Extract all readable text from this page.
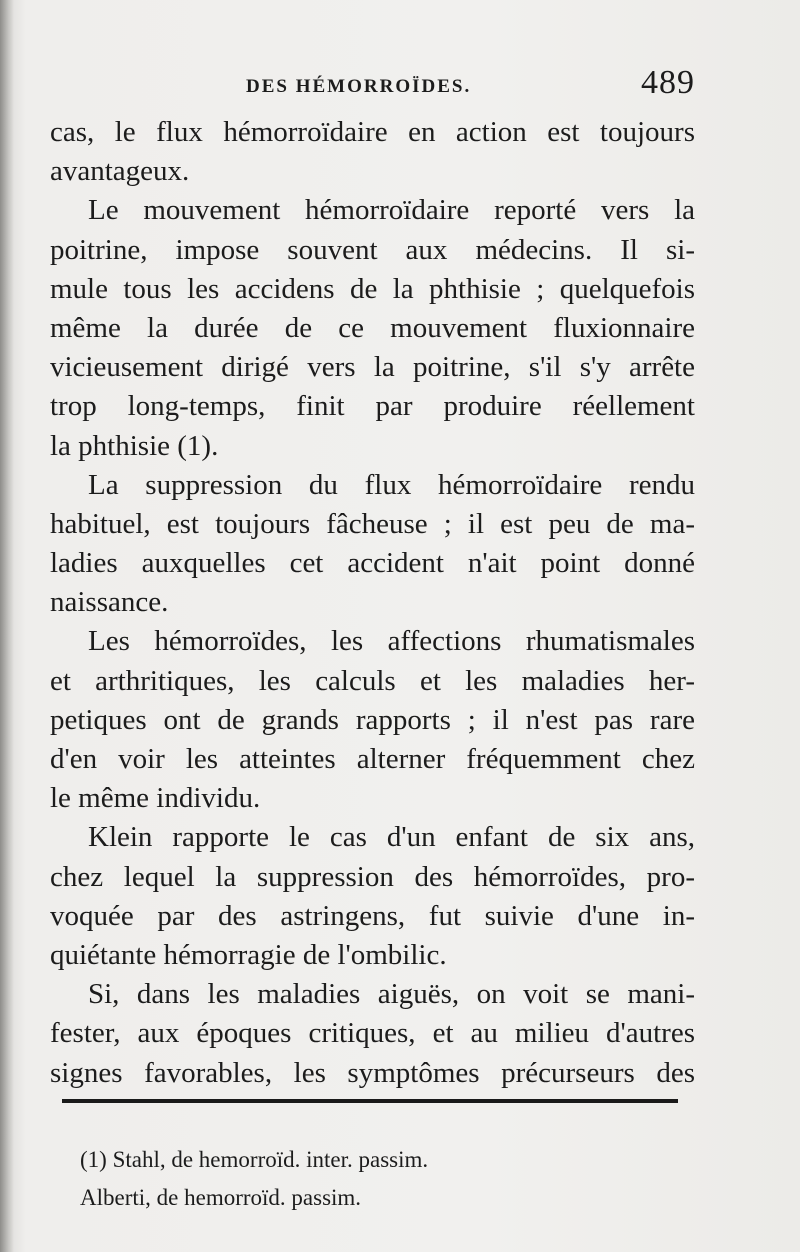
DES HÉMORROÏDES.	489
cas, le flux hémorroïdaire en action est toujours
avantageux.
Le mouvement hémorroïdaire reporté vers la
poitrine, impose souvent aux médecins. Il si-
mule tous les accidens de la phthisie ; quelquefois
même la durée de ce mouvement fluxionnaire
vicieusement dirigé vers la poitrine, s'il s'y arrête
trop long-temps, finit par produire réellement
la phthisie (1).
La suppression du flux hémorroïdaire rendu
habituel, est toujours fâcheuse ; il est peu de ma-
ladies auxquelles cet accident n'ait point donné
naissance.
Les hémorroïdes, les affections rhumatismales
et arthritiques, les calculs et les maladies her-
petiques ont de grands rapports ; il n'est pas rare
d'en voir les atteintes alterner fréquemment chez
le même individu.
Klein rapporte le cas d'un enfant de six ans,
chez lequel la suppression des hémorroïdes, pro-
voquée par des astringens, fut suivie d'une in-
quiétante hémorragie de l'ombilic.
Si, dans les maladies aiguës, on voit se mani-
fester, aux époques critiques, et au milieu d'autres
signes favorables, les symptômes précurseurs des
(1) Stahl, de hemorroïd. inter. passim.
Alberti, de hemorroïd. passim.
